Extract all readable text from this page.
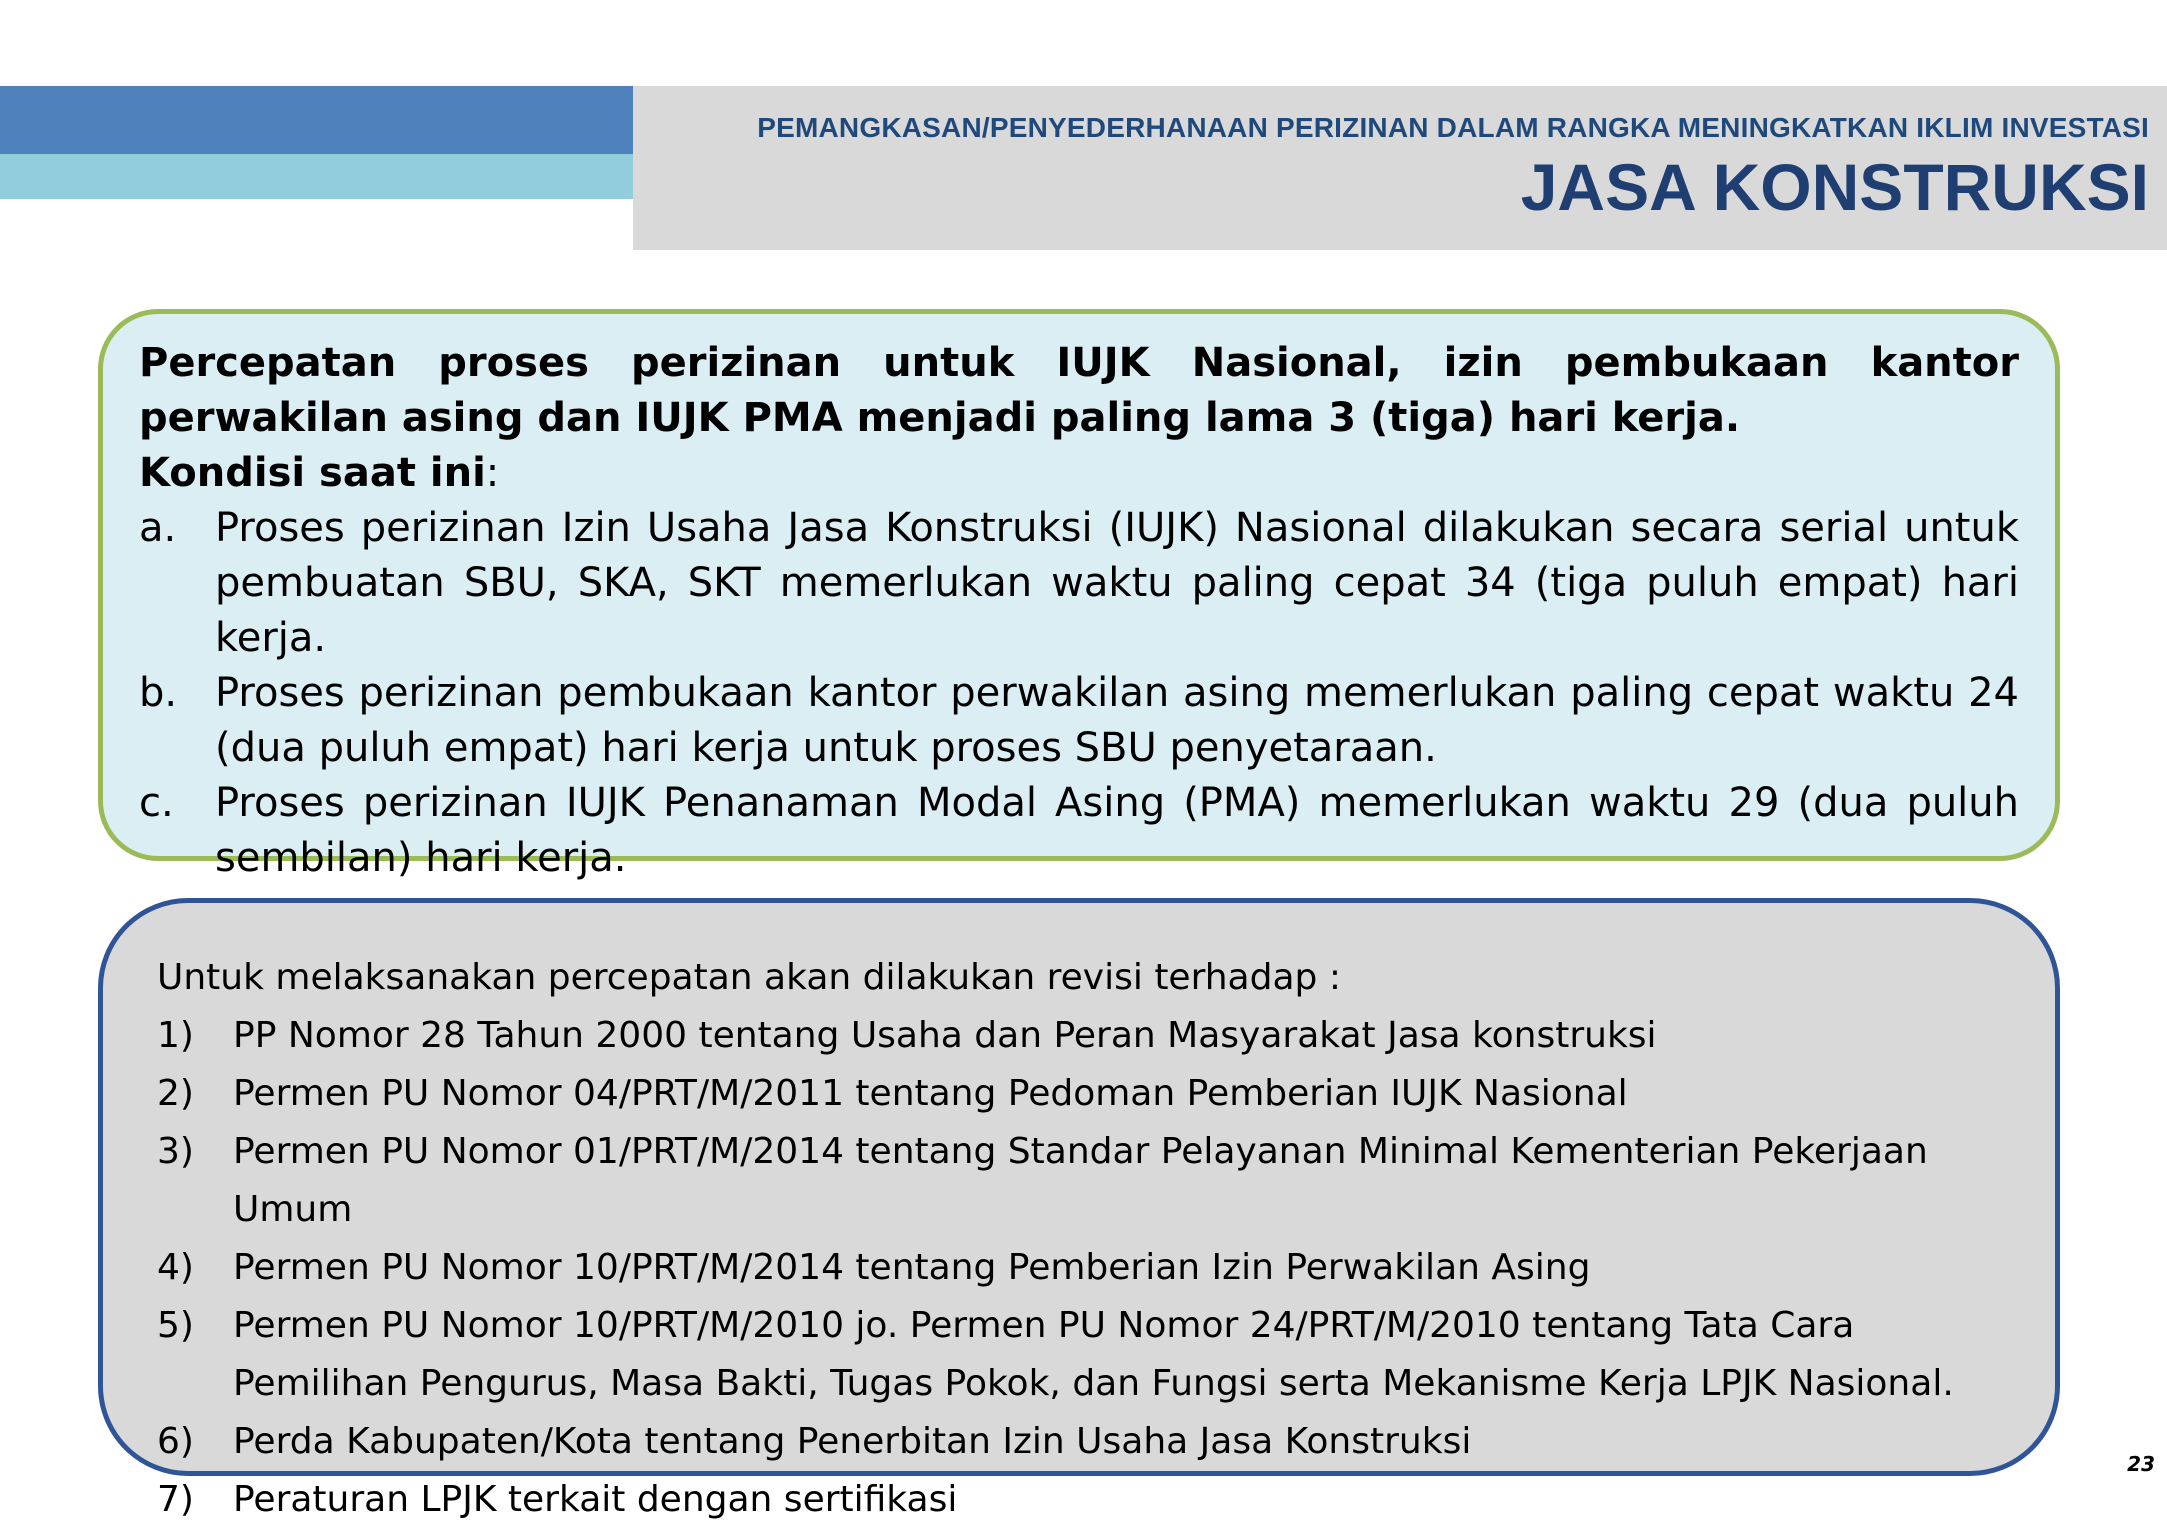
PEMANGKASAN/PENYEDERHANAAN PERIZINAN DALAM RANGKA MENINGKATKAN IKLIM INVESTASI
JASA KONSTRUKSI

Percepatan proses perizinan untuk IUJK Nasional, izin pembukaan kantor perwakilan asing dan IUJK PMA menjadi paling lama 3 (tiga) hari kerja.

Kondisi saat ini:

a. Proses perizinan Izin Usaha Jasa Konstruksi (IUJK) Nasional dilakukan secara serial untuk pembuatan SBU, SKA, SKT memerlukan waktu paling cepat 34 (tiga puluh empat) hari kerja.
b. Proses perizinan pembukaan kantor perwakilan asing memerlukan paling cepat waktu 24 (dua puluh empat) hari kerja untuk proses SBU penyetaraan.
c. Proses perizinan IUJK Penanaman Modal Asing (PMA) memerlukan waktu 29 (dua puluh sembilan) hari kerja.

Untuk melaksanakan percepatan akan dilakukan revisi terhadap :

1) PP Nomor 28 Tahun 2000 tentang Usaha dan Peran Masyarakat Jasa konstruksi
2) Permen PU Nomor 04/PRT/M/2011 tentang Pedoman Pemberian IUJK Nasional
3) Permen PU Nomor 01/PRT/M/2014 tentang Standar Pelayanan Minimal Kementerian Pekerjaan Umum
4) Permen PU Nomor 10/PRT/M/2014 tentang Pemberian Izin Perwakilan Asing
5) Permen PU Nomor 10/PRT/M/2010 jo. Permen PU Nomor 24/PRT/M/2010 tentang Tata Cara Pemilihan Pengurus, Masa Bakti, Tugas Pokok, dan Fungsi serta Mekanisme Kerja LPJK Nasional.
6) Perda Kabupaten/Kota tentang Penerbitan Izin Usaha Jasa Konstruksi
7) Peraturan LPJK terkait dengan sertifikasi
23
